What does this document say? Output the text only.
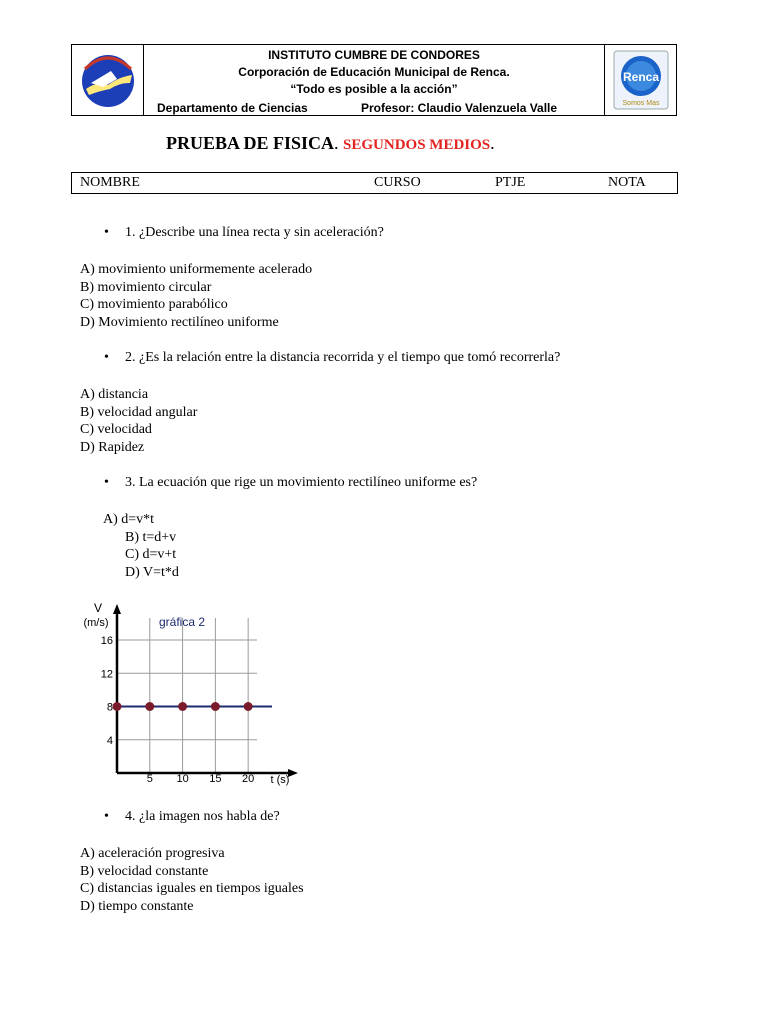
INSTITUTO CUMBRE DE CONDORES
Corporación de Educación Municipal de Renca.
“Todo es posible a la acción”
Departamento de Ciencias	Profesor: Claudio Valenzuela Valle
Renca
Somos Mas
PRUEBA DE FISICA. SEGUNDOS MEDIOS.
NOMBRE	CURSO	PTJE	NOTA
• 1. ¿Describe una línea recta y sin aceleración?
A) movimiento uniformemente acelerado
B) movimiento circular
C) movimiento parabólico
D) Movimiento rectilíneo uniforme
• 2. ¿Es la relación entre la distancia recorrida y el tiempo que tomó recorrerla?
A) distancia
B) velocidad angular
C) velocidad
D) Rapidez
• 3. La ecuación que rige un movimiento rectilíneo uniforme es?
A) d=v*t
B) t=d+v
C) d=v+t
D) V=t*d
5 10 15 20
4
8
12
16
V
(m/s)
t (s)
gráfica 2
• 4. ¿la imagen nos habla de?
A) aceleración progresiva
B) velocidad constante
C) distancias iguales en tiempos iguales
D) tiempo constante
